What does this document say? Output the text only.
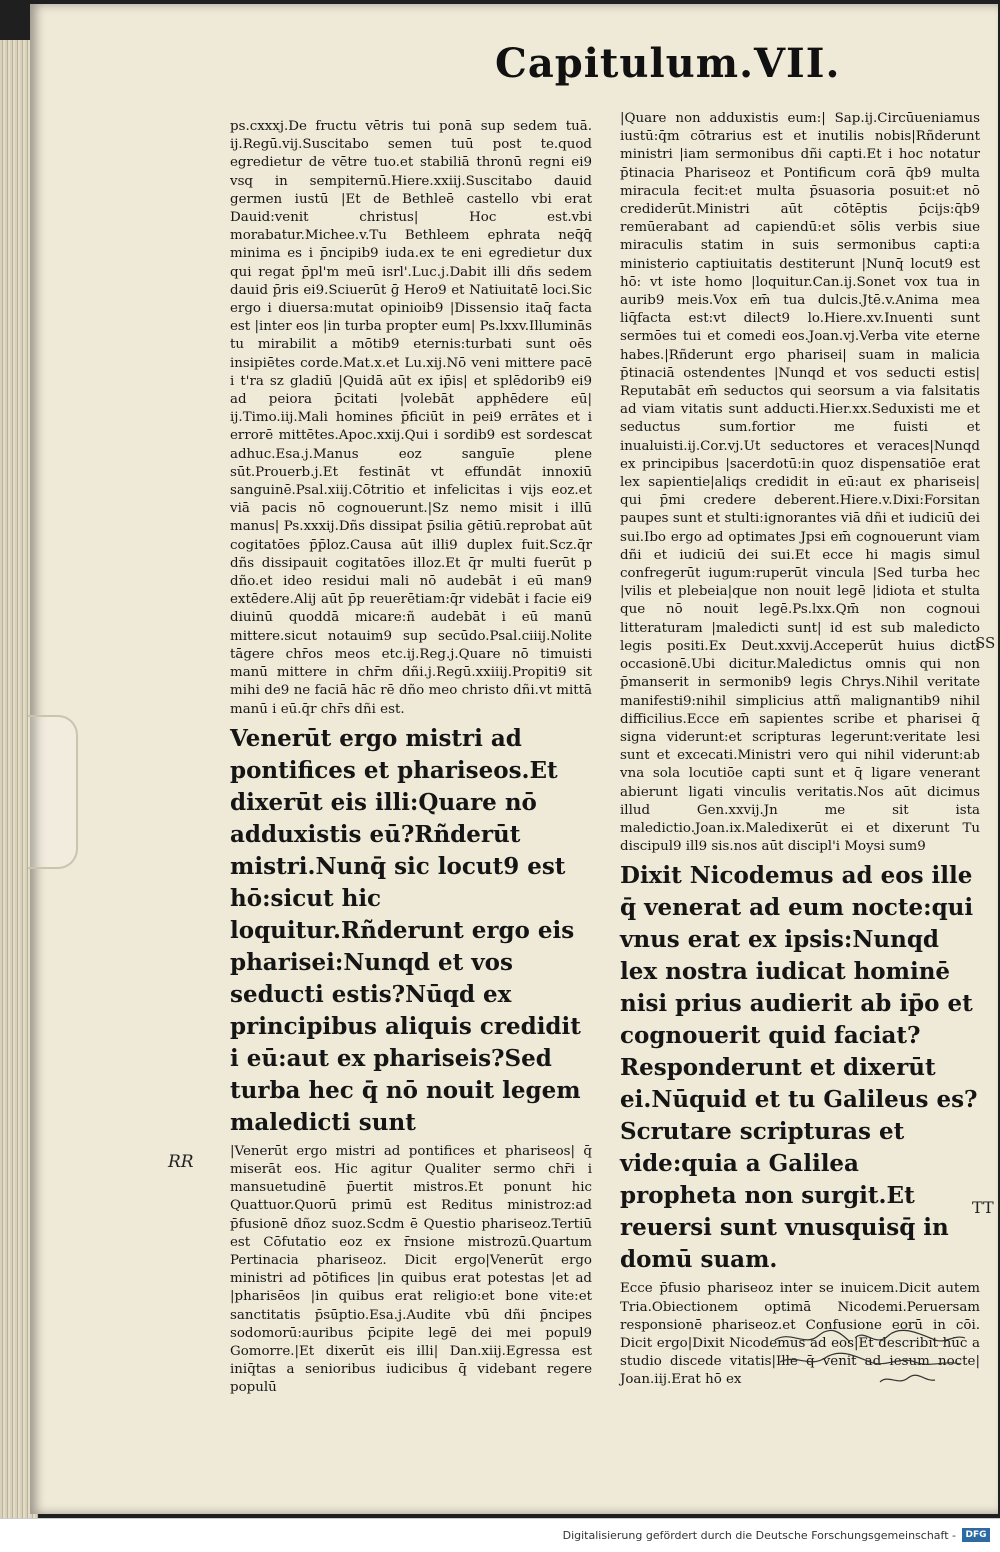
Capitulum.VII.

ps.cxxxj.De fructu vētris tui ponā sup sedem tuā. ij.Regū.vij.Suscitabo semen tuū post te.quod egredietur de vētre tuo.et stabiliā thronū regni ei9 vsq in sempiternū.Hiere.xxiij.Suscitabo dauid germen iustū |Et de Bethleē castello vbi erat Dauid:venit christus| Hoc est.vbi morabatur.Michee.v.Tu Bethleem ephrata neq̄q̄ minima es i p̄ncipib9 iuda.ex te eni egredietur dux qui regat p̄pl'm meū isrl'.Luc.j.Dabit illi dñs sedem dauid p̄ris ei9.Sciuerūt ḡ Hero9 et Natiuitatē loci.Sic ergo i diuersa:mutat opinioib9 |Dissensio itaq̄ facta est |inter eos |in turba propter eum| Ps.lxxv.Illuminās tu mirabilit a mōtib9 eternis:turbati sunt oēs insipiētes corde.Mat.x.et Lu.xij.Nō veni mittere pacē i t'ra sz gladiū |Quidā aūt ex ip̄is| et splēdorib9 ei9 ad peiora p̄citati |volebāt apphēdere eū| ij.Timo.iij.Mali homines p̄ficiūt in pei9 errātes et i errorē mittētes.Apoc.xxij.Qui i sordib9 est sordescat adhuc.Esa.j.Manus eoz sanguīe plene sūt.Prouerb.j.Et festināt vt effundāt innoxiū sanguinē.Psal.xiij.Cōtritio et infelicitas i vijs eoz.et viā pacis nō cognouerunt.|Sz nemo misit i illū manus| Ps.xxxij.Dñs dissipat p̄silia gētiū.reprobat aūt cogitatōes p̄p̄loz.Causa aūt illi9 duplex fuit.Scz.q̄r dñs dissipauit cogitatōes illoz.Et q̄r multi fuerūt p dño.et ideo residui mali nō audebāt i eū man9 extēdere.Alij aūt p̄p reuerētiam:q̄r videbāt i facie ei9 diuinū quoddā micare:ñ audebāt i eū manū mittere.sicut notauim9 sup secūdo.Psal.ciiij.Nolite tāgere chr̄os meos etc.ij.Reg.j.Quare nō timuisti manū mittere in chr̄m dñi.j.Regū.xxiiij.Propiti9 sit mihi de9 ne faciā hāc rē dño meo christo dñi.vt mittā manū i eū.q̄r chr̄s dñi est.

Venerūt ergo mistri ad pontifices et phariseos.Et dixerūt eis illi:Quare nō adduxistis eū?Rñderūt mistri.Nunq̄ sic locut9 est hō:sicut hic loquitur.Rñderunt ergo eis pharisei:Nunqd et vos seducti estis?Nūqd ex principibus aliquis credidit i eū:aut ex phariseis?Sed turba hec q̄ nō nouit legem maledicti sunt

|Venerūt ergo mistri ad pontifices et phariseos| q̄ miserāt eos. Hic agitur Qualiter sermo chr̄i i mansuetudinē p̄uertit mistros.Et ponunt hic Quattuor.Quorū primū est Reditus ministroz:ad p̄fusionē dñoz suoz.Scdm ē Questio phariseoz.Tertiū est Cōfutatio eoz ex r̄nsione mistrozū.Quartum Pertinacia phariseoz. Dicit ergo|Venerūt ergo ministri ad pōtifices |in quibus erat potestas |et ad |pharisēos |in quibus erat religio:et bone vite:et sanctitatis p̄sūptio.Esa.j.Audite vbū dñi p̄ncipes sodomorū:auribus p̄cipite legē dei mei popul9 Gomorre.|Et dixerūt eis illi| Dan.xiij.Egressa est iniq̄tas a senioribus iudicibus q̄ videbant regere populū

|Quare non adduxistis eum:| Sap.ij.Circūueniamus iustū:q̄m cōtrarius est et inutilis nobis|Rñderunt ministri |iam sermonibus dñi capti.Et i hoc notatur p̄tinacia Phariseoz et Pontificum corā q̄b9 multa miracula fecit:et multa p̄suasoria posuit:et nō crediderūt.Ministri aūt cōtēptis p̄cijs:q̄b9 remūerabant ad capiendū:et sōlis verbis siue miraculis statim in suis sermonibus capti:a ministerio captiuitatis destiterunt |Nunq̄ locut9 est hō: vt iste homo |loquitur.Can.ij.Sonet vox tua in aurib9 meis.Vox em̄ tua dulcis.Jtē.v.Anima mea liq̄facta est:vt dilect9 lo.Hiere.xv.Inuenti sunt sermōes tui et comedi eos.Joan.vj.Verba vite eterne habes.|Rñderunt ergo pharisei| suam in malicia p̄tinaciā ostendentes |Nunqd et vos seducti estis| Reputabāt em̄ seductos qui seorsum a via falsitatis ad viam vitatis sunt adducti.Hier.xx.Seduxisti me et seductus sum.fortior me fuisti et inualuisti.ij.Cor.vj.Ut seductores et veraces|Nunqd ex principibus |sacerdotū:in quoz dispensatiōe erat lex sapientie|aliqs credidit in eū:aut ex phariseis| qui p̄mi credere deberent.Hiere.v.Dixi:Forsitan paupes sunt et stulti:ignorantes viā dñi et iudiciū dei sui.Ibo ergo ad optimates Jpsi em̄ cognouerunt viam dñi et iudiciū dei sui.Et ecce hi magis simul confregerūt iugum:ruperūt vincula |Sed turba hec |vilis et plebeia|que non nouit legē |idiota et stulta que nō nouit legē.Ps.lxx.Qm̄ non cognoui litteraturam |maledicti sunt| id est sub maledicto legis positi.Ex Deut.xxvij.Acceperūt huius dicti occasionē.Ubi dicitur.Maledictus omnis qui non p̄manserit in sermonib9 legis Chrys.Nihil veritate manifesti9:nihil simplicius attñ malignantib9 nihil difficilius.Ecce em̄ sapientes scribe et pharisei q̄ signa viderunt:et scripturas legerunt:veritate lesi sunt et excecati.Ministri vero qui nihil viderunt:ab vna sola locutiōe capti sunt et q̄ ligare venerant abierunt ligati vinculis veritatis.Nos aūt dicimus illud Gen.xxvij.Jn me sit ista maledictio.Joan.ix.Maledixerūt ei et dixerunt Tu discipul9 ill9 sis.nos aūt discipl'i Moysi sum9

Dixit Nicodemus ad eos ille q̄ venerat ad eum nocte:qui vnus erat ex ipsis:Nunqd lex nostra iudicat hominē nisi prius audierit ab ip̄o et cognouerit quid faciat?Responderunt et dixerūt ei.Nūquid et tu Galileus es?Scrutare scripturas et vide:quia a Galilea propheta non surgit.Et reuersi sunt vnusquisq̄ in domū suam.

Ecce p̄fusio phariseoz inter se inuicem.Dicit autem Tria.Obiectionem optimā Nicodemi.Peruersam responsionē phariseoz.et Confusione eorū in cōi. Dicit ergo|Dixit Nicodemus ad eos|Et describit hūc a studio discede vitatis|Ille q̄ venit ad iesum nocte| Joan.iij.Erat hō ex

RR
SS
TT
Digitalisierung gefördert durch die Deutsche Forschungsgemeinschaft -	DFG
